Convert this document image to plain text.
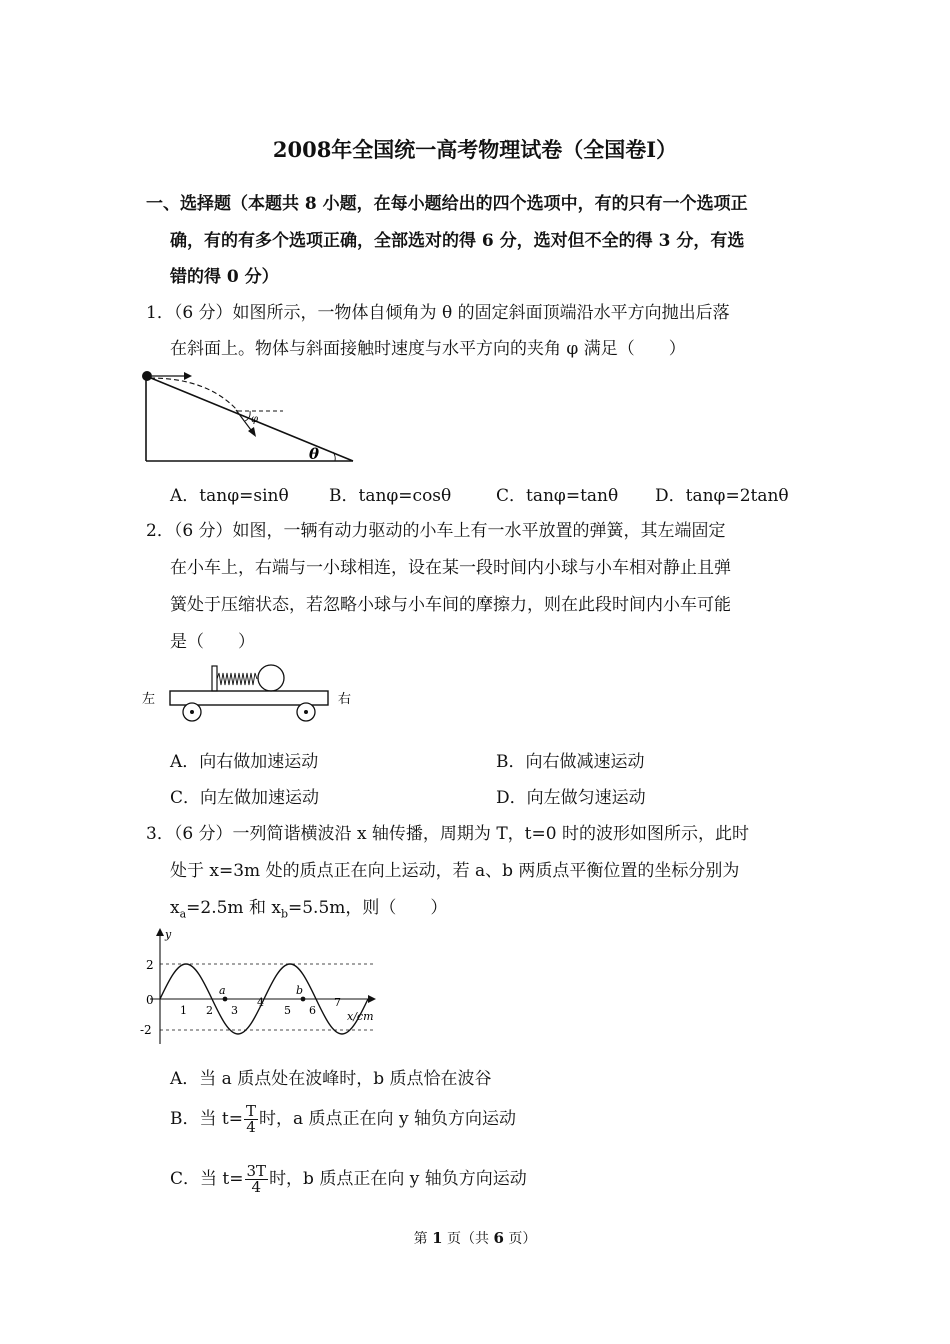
2008年全国统一高考物理试卷（全国卷Ⅰ）
一、选择题（本题共 8 小题，在每小题给出的四个选项中，有的只有一个选项正
确，有的有多个选项正确，全部选对的得 6 分，选对但不全的得 3 分，有选
错的得 0 分）
1．（6 分）如图所示，一物体自倾角为 θ 的固定斜面顶端沿水平方向抛出后落
在斜面上。物体与斜面接触时速度与水平方向的夹角 φ 满足（　　）
φ
θ
A．tanφ=sinθ B．tanφ=cosθ	C．tanφ=tanθ D．tanφ=2tanθ
2．（6 分）如图，一辆有动力驱动的小车上有一水平放置的弹簧，其左端固定
在小车上，右端与一小球相连，设在某一段时间内小球与小车相对静止且弹
簧处于压缩状态，若忽略小球与小车间的摩擦力，则在此段时间内小车可能
是（　　）
左	右
A．向右做加速运动	B．向右做减速运动
C．向左做加速运动	D．向左做匀速运动
3．（6 分）一列简谐横波沿 x 轴传播，周期为 T，t=0 时的波形如图所示，此时
处于 x=3m 处的质点正在向上运动，若 a、b 两质点平衡位置的坐标分别为
$x_a=2.5m$ 和 $x_b=5.5m$，则（　　）
y
x/cm
2
0
-2
1 2 3
4
5 6
7
a	b
A．当 a 质点处在波峰时，b 质点恰在波谷
B．当 $t= \frac{T}{4}$ 时，a 质点正在向 y 轴负方向运动
C．当 $t= \frac{3T}{4}$ 时，b 质点正在向 y 轴负方向运动
第 1 页（共 6 页）
